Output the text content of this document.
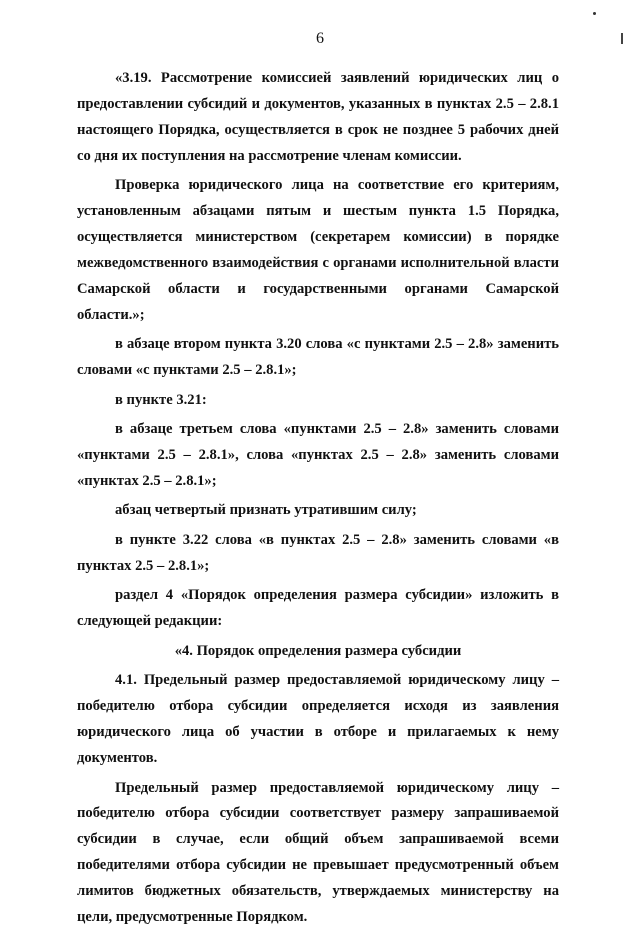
6

«3.19. Рассмотрение комиссией заявлений юридических лиц о предоставлении субсидий и документов, указанных в пунктах 2.5 – 2.8.1 настоящего Порядка, осуществляется в срок не позднее 5 рабочих дней со дня их поступления на рассмотрение членам комиссии.

Проверка юридического лица на соответствие его критериям, установленным абзацами пятым и шестым пункта 1.5 Порядка, осуществляется министерством (секретарем комиссии) в порядке межведомственного взаимодействия с органами исполнительной власти Самарской области и государственными органами Самарской области.»;

в абзаце втором пункта 3.20 слова «с пунктами 2.5 – 2.8» заменить словами «с пунктами 2.5 – 2.8.1»;

в пункте 3.21:

в абзаце третьем слова «пунктами 2.5 – 2.8» заменить словами «пунктами 2.5 – 2.8.1», слова «пунктах 2.5 – 2.8» заменить словами «пунктах 2.5 – 2.8.1»;

абзац четвертый признать утратившим силу;

в пункте 3.22 слова «в пунктах 2.5 – 2.8» заменить словами «в пунктах 2.5 – 2.8.1»;

раздел 4 «Порядок определения размера субсидии» изложить в следующей редакции:

«4. Порядок определения размера субсидии

4.1. Предельный размер предоставляемой юридическому лицу – победителю отбора субсидии определяется исходя из заявления юридического лица об участии в отборе и прилагаемых к нему документов.

Предельный размер предоставляемой юридическому лицу – победителю отбора субсидии соответствует размеру запрашиваемой субсидии в случае, если общий объем запрашиваемой всеми победителями отбора субсидии не превышает предусмотренный объем лимитов бюджетных обязательств, утверждаемых министерству на цели, предусмотренные Порядком.
